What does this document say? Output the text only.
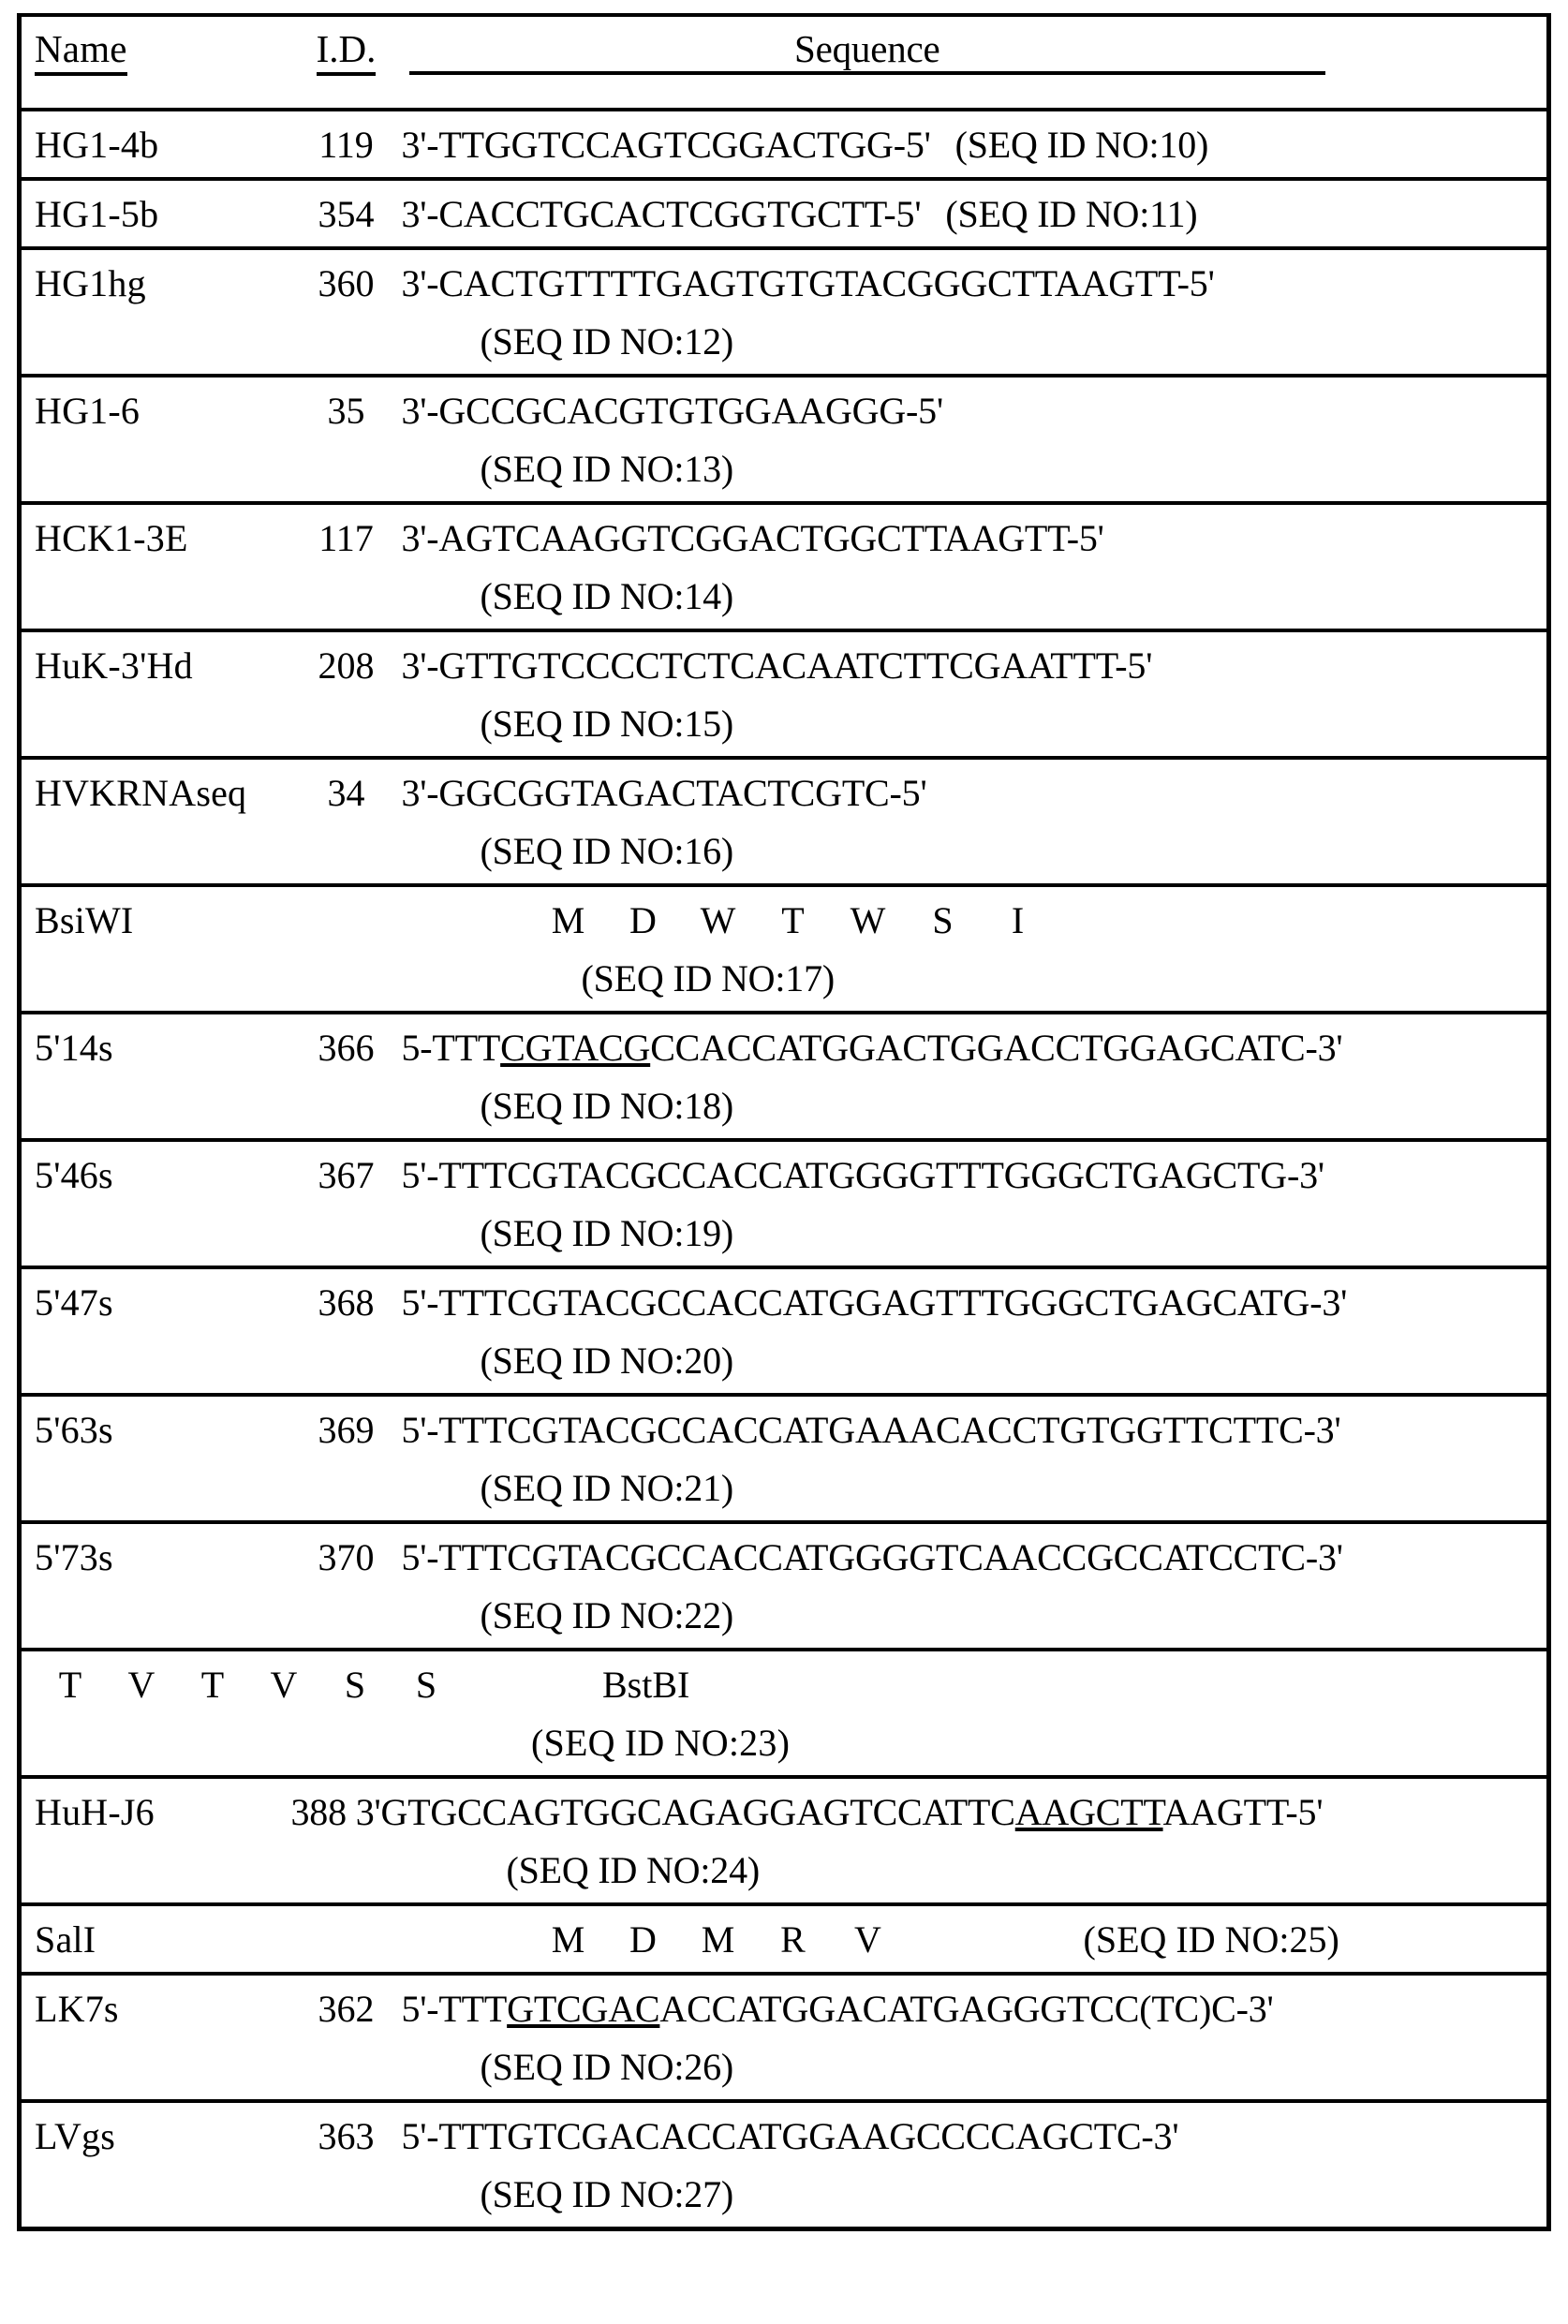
Name	I.D.	Sequence

HG1-4b	119	3'-TTGGTCCAGTCGGACTGG-5' (SEQ ID NO:10)

HG1-5b	354	3'-CACCTGCACTCGGTGCTT-5' (SEQ ID NO:11)

HG1hg	360	3'-CACTGTTTTGAGTGTGTACGGGCTTAAGTT-5'
(SEQ ID NO:12)

HG1-6	35	3'-GCCGCACGTGTGGAAGGG-5'
(SEQ ID NO:13)

HCK1-3E	117	3'-AGTCAAGGTCGGACTGGCTTAAGTT-5'
(SEQ ID NO:14)

HuK-3'Hd	208	3'-GTTGTCCCCTCTCACAATCTTCGAATTT-5'
(SEQ ID NO:15)

HVKRNAseq	34	3'-GGCGGTAGACTACTCGTC-5'
(SEQ ID NO:16)

BsiWI		M D W T W S I
(SEQ ID NO:17)

5'14s	366	5-TTTCGTACGCCACCATGGACTGGACCTGGAGCATC-3'
(SEQ ID NO:18)

5'46s	367	5'-TTTCGTACGCCACCATGGGGTTTGGGCTGAGCTG-3'
(SEQ ID NO:19)

5'47s	368	5'-TTTCGTACGCCACCATGGAGTTTGGGCTGAGCATG-3'
(SEQ ID NO:20)

5'63s	369	5'-TTTCGTACGCCACCATGAAACACCTGTGGTTCTTC-3'
(SEQ ID NO:21)

5'73s	370	5'-TTTCGTACGCCACCATGGGGTCAACCGCCATCCTC-3'
(SEQ ID NO:22)

T V T V S S BstBI
(SEQ ID NO:23)		

HuH-J6	388 3'GTGCCAGTGGCAGAGGAGTCCATTCAAGCTTAAGTT-5'
(SEQ ID NO:24)	

SalI		M D M R V (SEQ ID NO:25)

LK7s	362	5'-TTTGTCGACACCATGGACATGAGGGTCC(TC)C-3'
(SEQ ID NO:26)

LVgs	363	5'-TTTGTCGACACCATGGAAGCCCCAGCTC-3'
(SEQ ID NO:27)
